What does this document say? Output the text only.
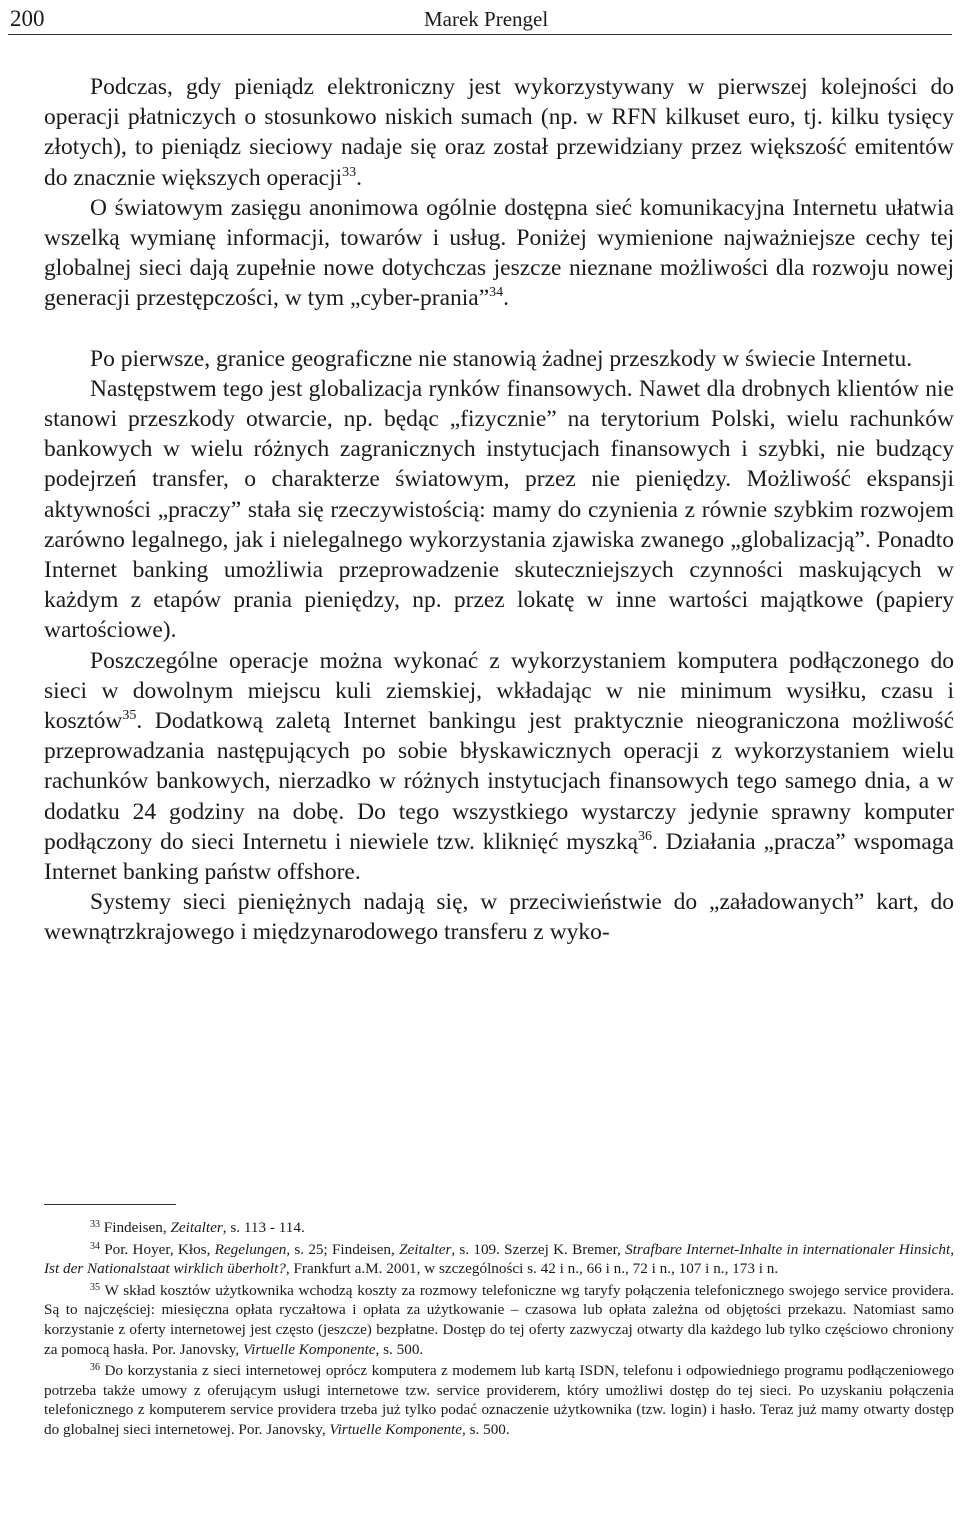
200	Marek Prengel

Podczas, gdy pieniądz elektroniczny jest wykorzystywany w pierwszej kolejności do operacji płatniczych o stosunkowo niskich sumach (np. w RFN kilkuset euro, tj. kilku tysięcy złotych), to pieniądz sieciowy nadaje się oraz został przewidziany przez większość emitentów do znacznie większych operacji$^{33}$.

O światowym zasięgu anonimowa ogólnie dostępna sieć komunikacyjna Internetu ułatwia wszelką wymianę informacji, towarów i usług. Poniżej wymienione najważniejsze cechy tej globalnej sieci dają zupełnie nowe dotychczas jeszcze nieznane możliwości dla rozwoju nowej generacji przestępczości, w tym „cyber-prania”$^{34}$.

Po pierwsze, granice geograficzne nie stanowią żadnej przeszkody w świecie Internetu.

Następstwem tego jest globalizacja rynków finansowych. Nawet dla drobnych klientów nie stanowi przeszkody otwarcie, np. będąc „fizycznie” na terytorium Polski, wielu rachunków bankowych w wielu różnych zagranicznych instytucjach finansowych i szybki, nie budzący podejrzeń transfer, o charakterze światowym, przez nie pieniędzy. Możliwość ekspansji aktywności „praczy” stała się rzeczywistością: mamy do czynienia z równie szybkim rozwojem zarówno legalnego, jak i nielegalnego wykorzystania zjawiska zwanego „globalizacją”. Ponadto Internet banking umożliwia przeprowadzenie skuteczniejszych czynności maskujących w każdym z etapów prania pieniędzy, np. przez lokatę w inne wartości majątkowe (papiery wartościowe).

Poszczególne operacje można wykonać z wykorzystaniem komputera podłączonego do sieci w dowolnym miejscu kuli ziemskiej, wkładając w nie minimum wysiłku, czasu i kosztów$^{35}$. Dodatkową zaletą Internet bankingu jest praktycznie nieograniczona możliwość przeprowadzania następujących po sobie błyskawicznych operacji z wykorzystaniem wielu rachunków bankowych, nierzadko w różnych instytucjach finansowych tego samego dnia, a w dodatku 24 godziny na dobę. Do tego wszystkiego wystarczy jedynie sprawny komputer podłączony do sieci Internetu i niewiele tzw. kliknięć myszką$^{36}$. Działania „pracza” wspomaga Internet banking państw offshore.

Systemy sieci pieniężnych nadają się, w przeciwieństwie do „załadowanych” kart, do wewnątrzkrajowego i międzynarodowego transferu z wyko-

$^{33}$ Findeisen, Zeitalter, s. 113 - 114.

$^{34}$ Por. Hoyer, Kłos, Regelungen, s. 25; Findeisen, Zeitalter, s. 109. Szerzej K. Bremer, Strafbare Internet-Inhalte in internationaler Hinsicht, Ist der Nationalstaat wirklich überholt?, Frankfurt a.M. 2001, w szczególności s. 42 i n., 66 i n., 72 i n., 107 i n., 173 i n.

$^{35}$ W skład kosztów użytkownika wchodzą koszty za rozmowy telefoniczne wg taryfy połączenia telefonicznego swojego service providera. Są to najczęściej: miesięczna opłata ryczałtowa i opłata za użytkowanie – czasowa lub opłata zależna od objętości przekazu. Natomiast samo korzystanie z oferty internetowej jest często (jeszcze) bezpłatne. Dostęp do tej oferty zazwyczaj otwarty dla każdego lub tylko częściowo chroniony za pomocą hasła. Por. Janovsky, Virtuelle Komponente, s. 500.

$^{36}$ Do korzystania z sieci internetowej oprócz komputera z modemem lub kartą ISDN, telefonu i odpowiedniego programu podłączeniowego potrzeba także umowy z oferującym usługi internetowe tzw. service providerem, który umożliwi dostęp do tej sieci. Po uzyskaniu połączenia telefonicznego z komputerem service providera trzeba już tylko podać oznaczenie użytkownika (tzw. login) i hasło. Teraz już mamy otwarty dostęp do globalnej sieci internetowej. Por. Janovsky, Virtuelle Komponente, s. 500.
